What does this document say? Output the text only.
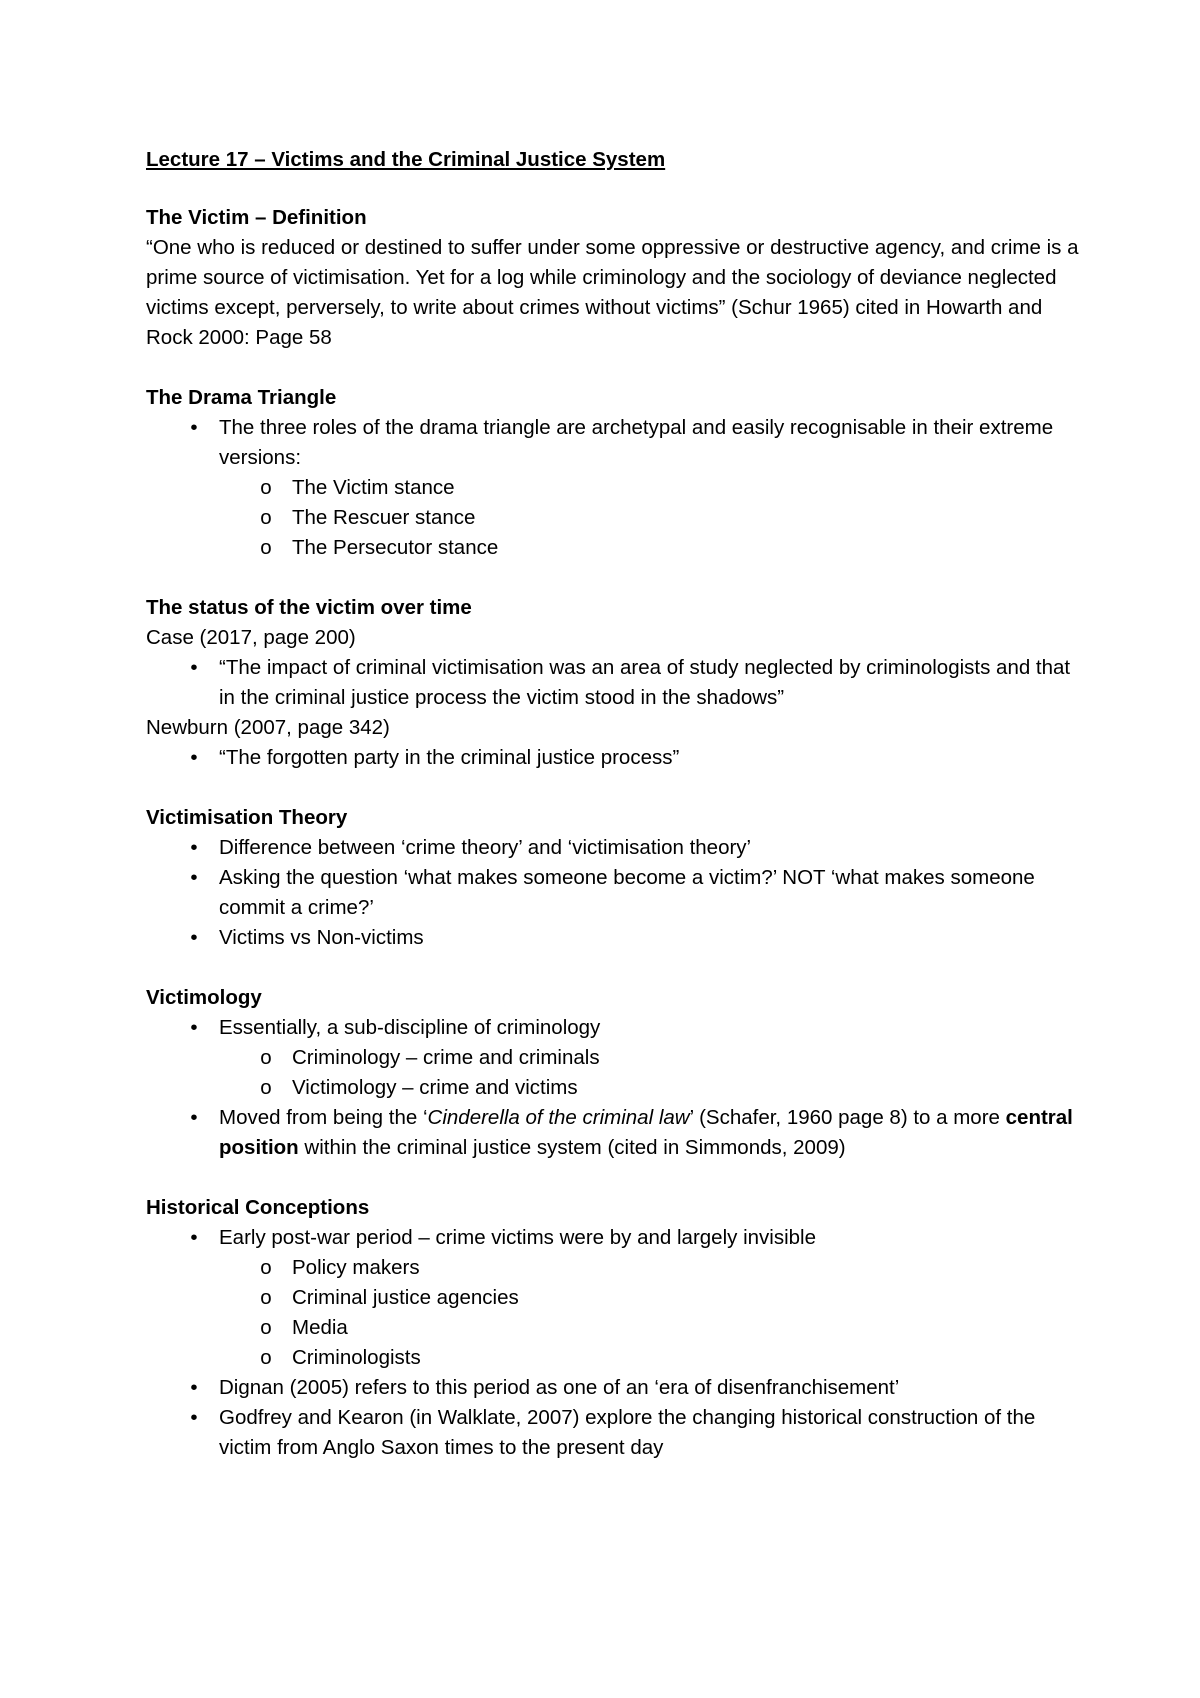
Lecture 17 – Victims and the Criminal Justice System

The Victim – Definition

“One who is reduced or destined to suffer under some oppressive or destructive agency, and crime is a prime source of victimisation. Yet for a log while criminology and the sociology of deviance neglected victims except, perversely, to write about crimes without victims” (Schur 1965) cited in Howarth and Rock 2000: Page 58

The Drama Triangle

•	The three roles of the drama triangle are archetypal and easily recognisable in their extreme versions:
o The Victim stance
o The Rescuer stance
o The Persecutor stance

The status of the victim over time

Case (2017, page 200)

•	“The impact of criminal victimisation was an area of study neglected by criminologists and that in the criminal justice process the victim stood in the shadows”

Newburn (2007, page 342)

•	“The forgotten party in the criminal justice process”

Victimisation Theory

•	Difference between ‘crime theory’ and ‘victimisation theory’
•	Asking the question ‘what makes someone become a victim?’ NOT ‘what makes someone commit a crime?’
•	Victims vs Non-victims

Victimology

•	Essentially, a sub-discipline of criminology
o Criminology – crime and criminals
o Victimology – crime and victims
•	Moved from being the ‘Cinderella of the criminal law’ (Schafer, 1960 page 8) to a more central position within the criminal justice system (cited in Simmonds, 2009)

Historical Conceptions

•	Early post-war period – crime victims were by and largely invisible
o Policy makers
o Criminal justice agencies
o Media
o Criminologists
•	Dignan (2005) refers to this period as one of an ‘era of disenfranchisement’
•	Godfrey and Kearon (in Walklate, 2007) explore the changing historical construction of the victim from Anglo Saxon times to the present day
